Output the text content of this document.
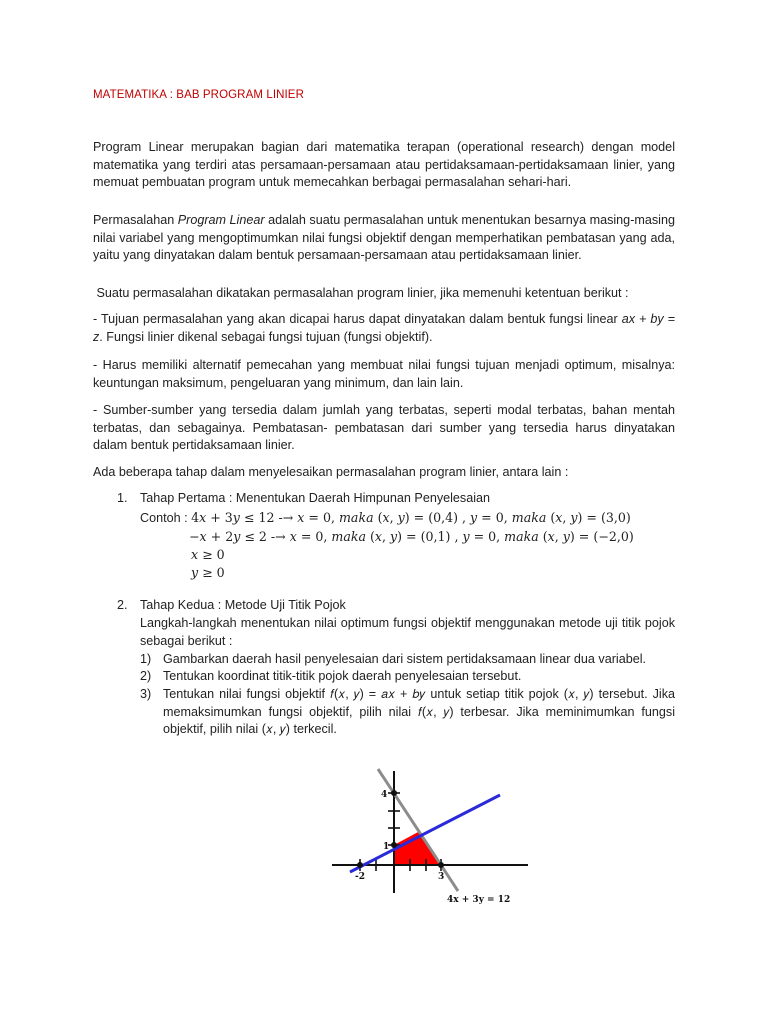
MATEMATIKA : BAB PROGRAM LINIER

Program Linear merupakan bagian dari matematika terapan (operational research) dengan model matematika yang terdiri atas persamaan-persamaan atau pertidaksamaan-pertidaksamaan linier, yang memuat pembuatan program untuk memecahkan berbagai permasalahan sehari-hari.

Permasalahan Program Linear adalah suatu permasalahan untuk menentukan besarnya masing-masing nilai variabel yang mengoptimumkan nilai fungsi objektif dengan memperhatikan pembatasan yang ada, yaitu yang dinyatakan dalam bentuk persamaan-persamaan atau pertidaksamaan linier.

Suatu permasalahan dikatakan permasalahan program linier, jika memenuhi ketentuan berikut :

- Tujuan permasalahan yang akan dicapai harus dapat dinyatakan dalam bentuk fungsi linear ax + by = z. Fungsi linier dikenal sebagai fungsi tujuan (fungsi objektif).

- Harus memiliki alternatif pemecahan yang membuat nilai fungsi tujuan menjadi optimum, misalnya: keuntungan maksimum, pengeluaran yang minimum, dan lain lain.

- Sumber-sumber yang tersedia dalam jumlah yang terbatas, seperti modal terbatas, bahan mentah terbatas, dan sebagainya. Pembatasan- pembatasan dari sumber yang tersedia harus dinyatakan dalam bentuk pertidaksamaan linier.

Ada beberapa tahap dalam menyelesaikan permasalahan program linier, antara lain :

1. Tahap Pertama : Menentukan Daerah Himpunan Penyelesaian
Contoh : 4𝑥 + 3𝑦 ≤ 12 -→ 𝑥 = 0, 𝑚𝑎𝑘𝑎 (𝑥, 𝑦) = (0,4) , 𝑦 = 0, 𝑚𝑎𝑘𝑎 (𝑥, 𝑦) = (3,0)
−𝑥 + 2𝑦 ≤ 2 -→ 𝑥 = 0, 𝑚𝑎𝑘𝑎 (𝑥, 𝑦) = (0,1) , 𝑦 = 0, 𝑚𝑎𝑘𝑎 (𝑥, 𝑦) = (−2,0)
𝑥 ≥ 0
𝑦 ≥ 0
2. Tahap Kedua : Metode Uji Titik Pojok
Langkah-langkah menentukan nilai optimum fungsi objektif menggunakan metode uji titik pojok sebagai berikut :
1) Gambarkan daerah hasil penyelesaian dari sistem pertidaksamaan linear dua variabel.
2) Tentukan koordinat titik-titik pojok daerah penyelesaian tersebut.
3) Tentukan nilai fungsi objektif 𝑓(𝑥, 𝑦) = 𝑎𝑥 + 𝑏𝑦 untuk setiap titik pojok (𝑥, 𝑦) tersebut. Jika memaksimumkan fungsi objektif, pilih nilai 𝑓(𝑥, 𝑦) terbesar. Jika meminimumkan fungsi objektif, pilih nilai (𝑥, 𝑦) terkecil.
4
1
-2	3
4x + 3y = 12
